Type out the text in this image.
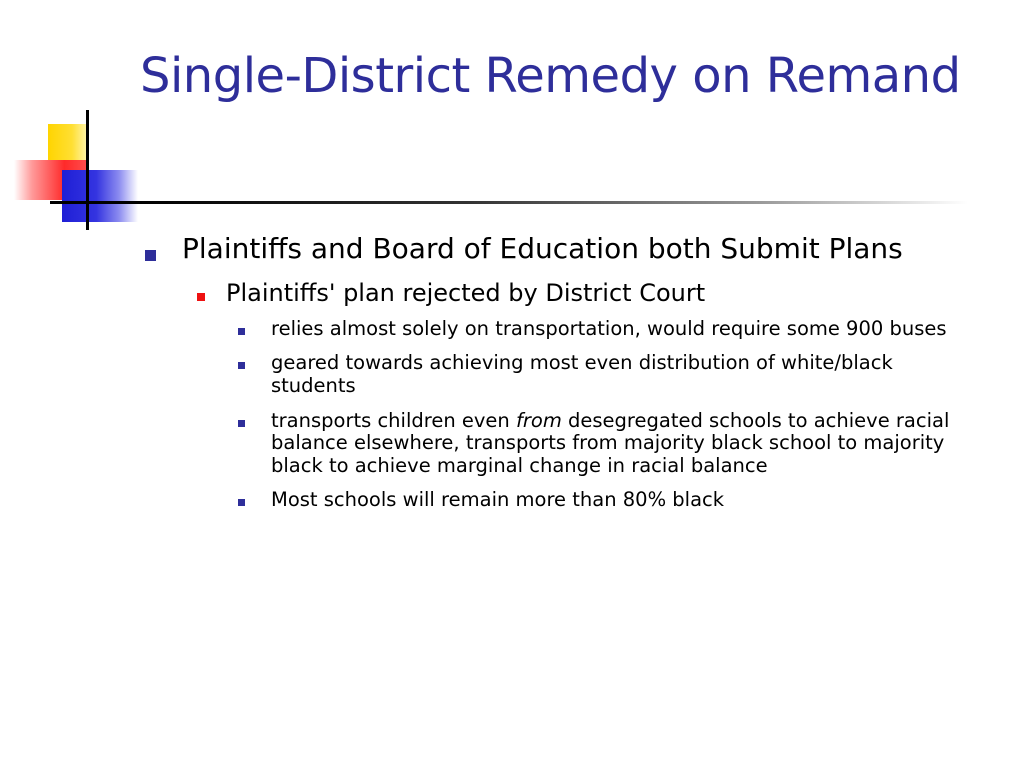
Single-District Remedy on Remand
Plaintiffs and Board of Education both Submit Plans
Plaintiffs' plan rejected by District Court
relies almost solely on transportation, would require some 900 buses
geared towards achieving most even distribution of white/black students
transports children even from desegregated schools to achieve racial balance elsewhere, transports from majority black school to majority black to achieve marginal change in racial balance
Most schools will remain more than 80% black
